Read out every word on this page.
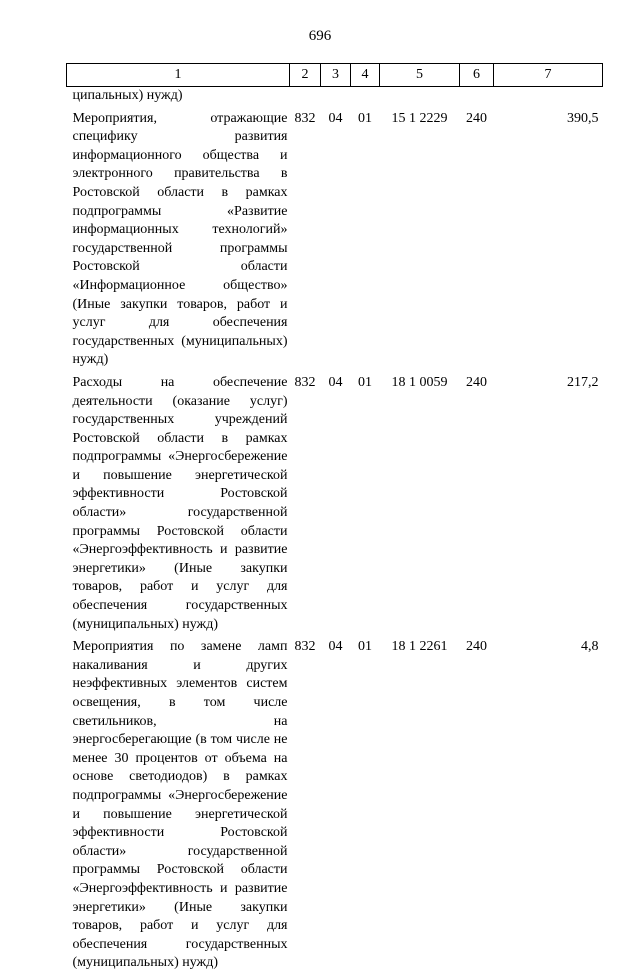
696
1	2	3	4	5	6	7
ципальных) нужд)						
Мероприятия, отражающие специфику развития информационного общества и электронного правительства в Ростовской области в рамках подпрограммы «Развитие информационных технологий» государственной программы Ростовской области «Информационное общество» (Иные закупки товаров, работ и услуг для обеспечения государственных (муниципальных) нужд)	832	04	01	15 1 2229	240	390,5
Расходы на обеспечение деятельности (оказание услуг) государственных учреждений Ростовской области в рамках подпрограммы «Энергосбережение и повышение энергетической эффективности Ростовской области» государственной программы Ростовской области «Энергоэффективность и развитие энергетики» (Иные закупки товаров, работ и услуг для обеспечения государственных (муниципальных) нужд)	832	04	01	18 1 0059	240	217,2
Мероприятия по замене ламп накаливания и других неэффективных элементов систем освещения, в том числе светильников, на энергосберегающие (в том числе не менее 30 процентов от объема на основе светодиодов) в рамках подпрограммы «Энергосбережение и повышение энергетической эффективности Ростовской области» государственной программы Ростовской области «Энергоэффективность и развитие энергетики» (Иные закупки товаров, работ и услуг для обеспечения государственных (муниципальных) нужд)	832	04	01	18 1 2261	240	4,8
